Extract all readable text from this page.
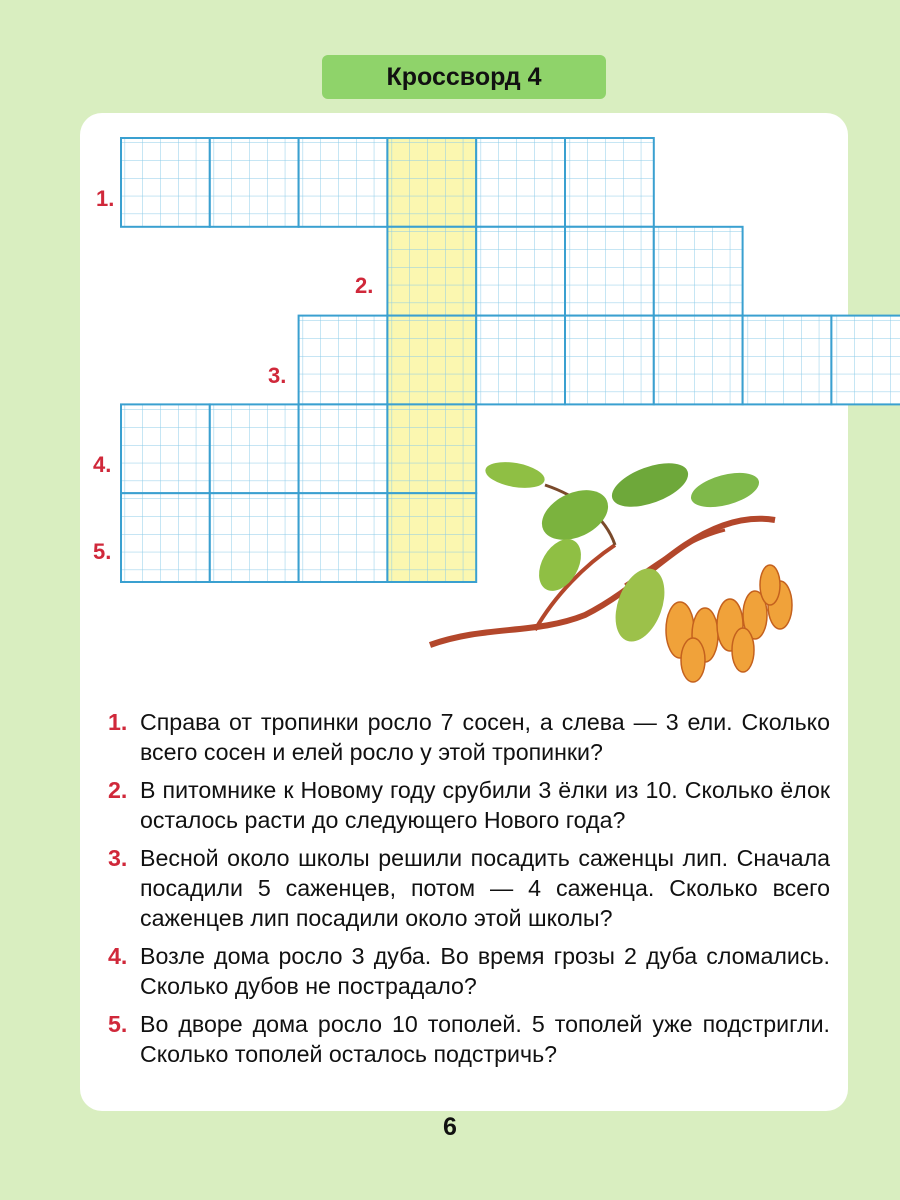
Кроссворд 4
1.
2.
3.
4.
5.
1. Справа от тропинки росло 7 сосен, а слева — 3 ели. Сколько всего сосен и елей росло у этой тропинки?
2. В питомнике к Новому году срубили 3 ёлки из 10. Сколько ёлок осталось расти до следующего Нового года?
3. Весной около школы решили посадить саженцы лип. Сначала посадили 5 саженцев, потом — 4 саженца. Сколько всего саженцев лип посадили около этой школы?
4. Возле дома росло 3 дуба. Во время грозы 2 дуба сломались. Сколько дубов не пострадало?
5. Во дворе дома росло 10 тополей. 5 тополей уже подстригли. Сколько тополей осталось подстричь?
6
